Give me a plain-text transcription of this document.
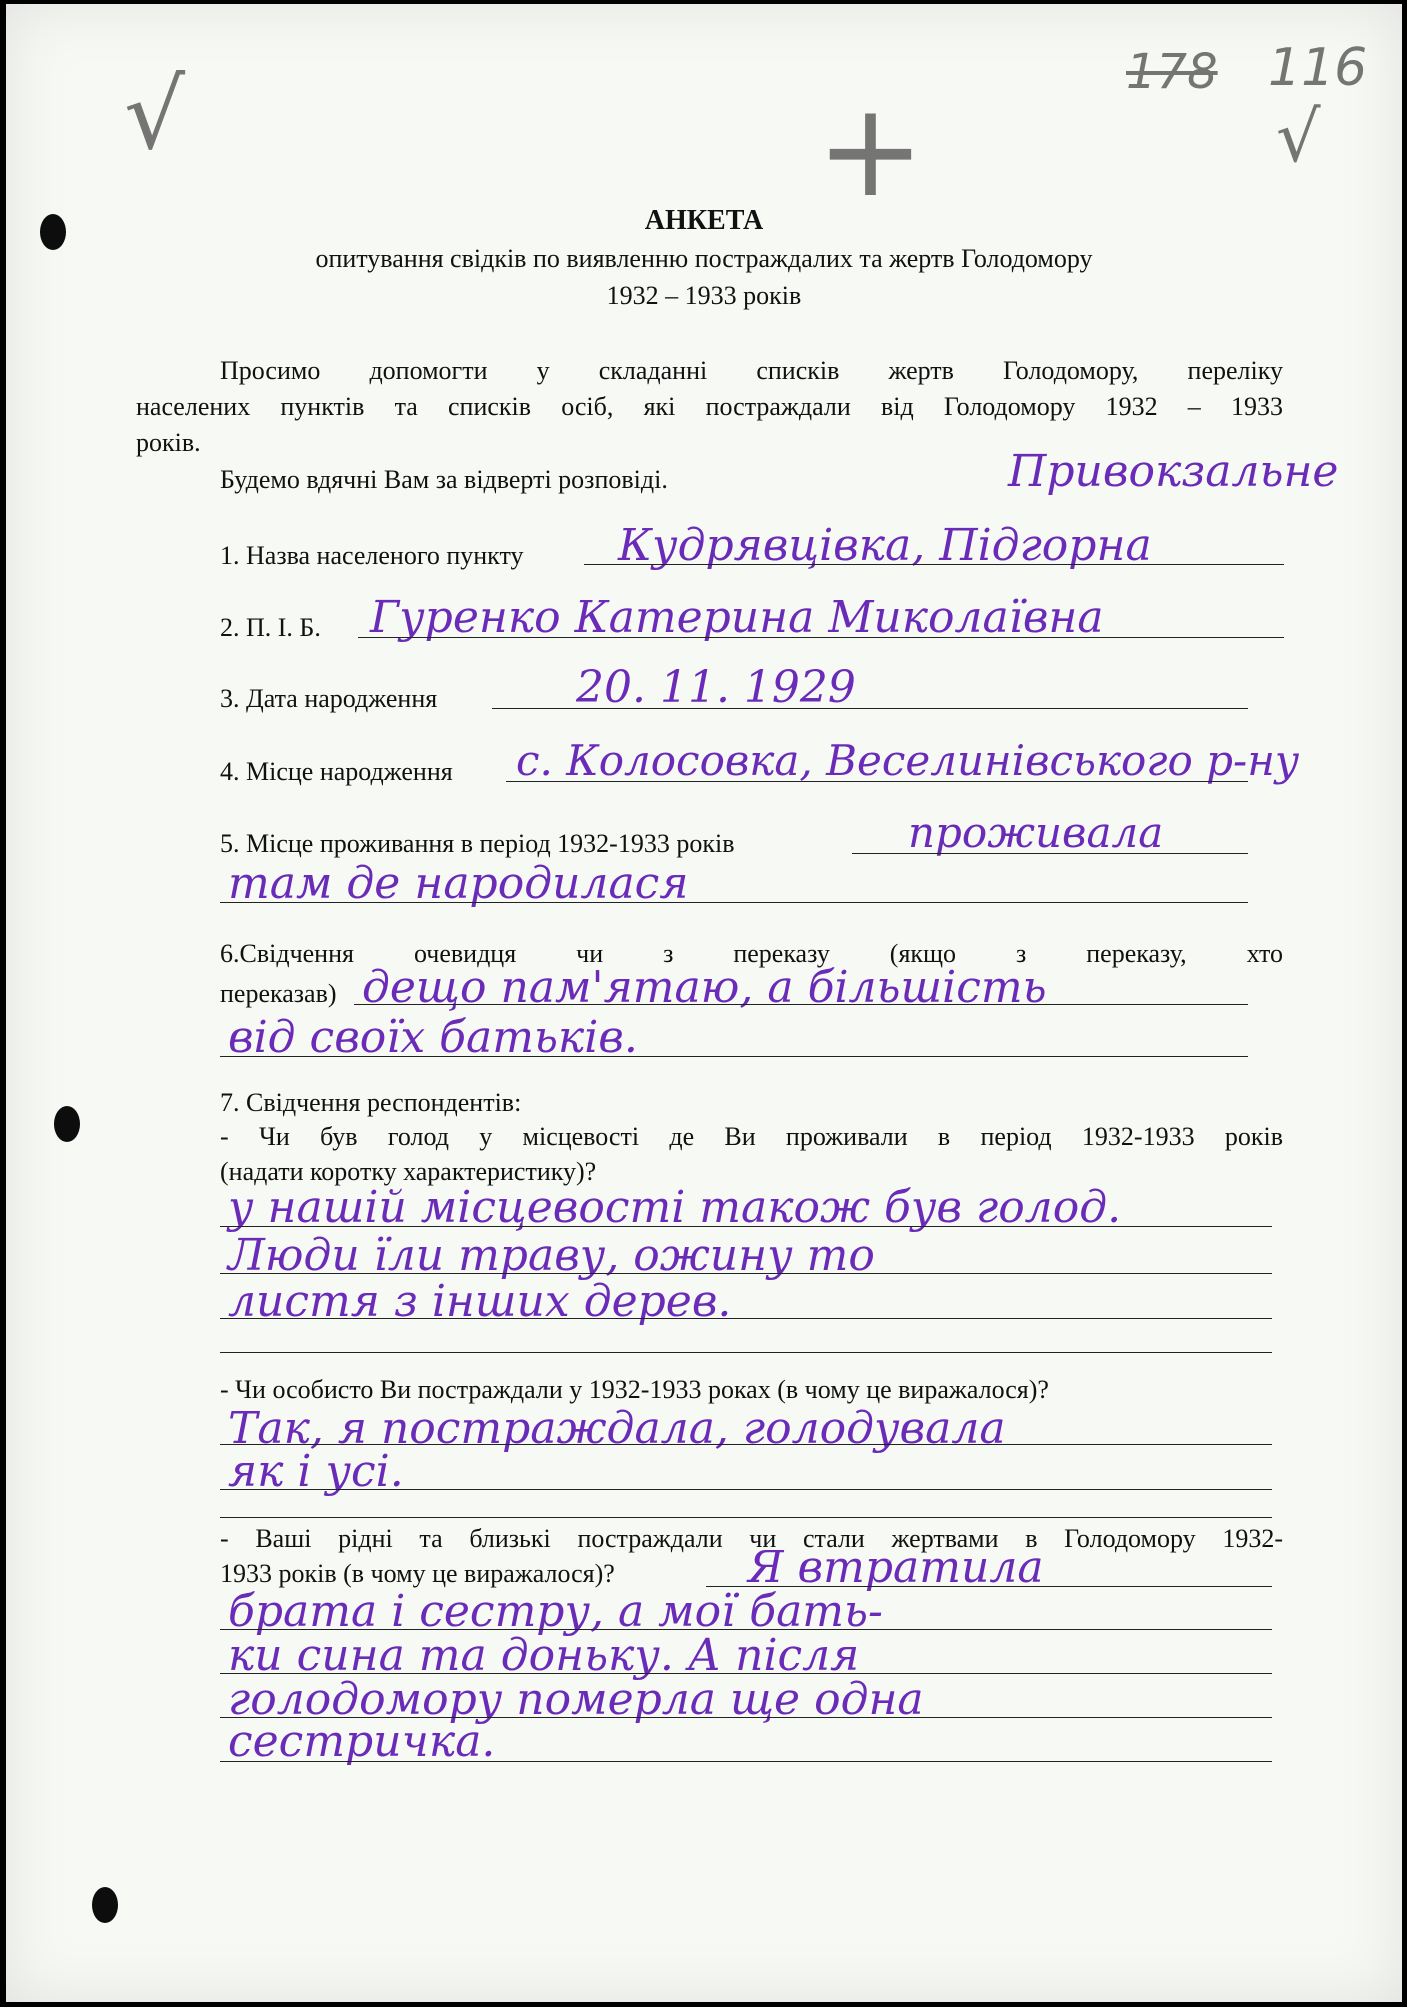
√	+
178 116
√
АНКЕТА
опитування свідків по виявленню постраждалих та жертв Голодомору
1932 – 1933 років
Просимо допомогти у складанні списків жертв Голодомору, переліку
населених пунктів та списків осіб, які постраждали від Голодомору 1932 – 1933
років.
Будемо вдячні Вам за відверті розповіді.	Привокзальне
1. Назва населеного пункту Кудрявцівка, Підгорна
2. П. І. Б. Гуренко Катерина Миколаївна
3. Дата народження	20. 11. 1929
4. Місце народження с. Колосовка, Веселинівського р-ну
5. Місце проживання в період 1932-1933 років	проживала
там де народилася
6.Свідчення очевидця чи з переказу (якщо з переказу, хто
переказав) дещо пам'ятаю, а більшість
від своїх батьків.
7. Свідчення респондентів:
- Чи був голод у місцевості де Ви проживали в період 1932-1933 років
(надати коротку характеристику)?
у нашій місцевості також був голод.
Люди їли траву, ожину то
листя з інших дерев.
- Чи особисто Ви постраждали у 1932-1933 роках (в чому це виражалося)?
Так, я постраждала, голодувала
як і усі.
- Ваші рідні та близькі постраждали чи стали жертвами в Голодомору 1932-
1933 років (в чому це виражалося)?	Я втратила
брата і сестру, а мої бать-
ки сина та доньку. А після
голодомору померла ще одна
сестричка.
